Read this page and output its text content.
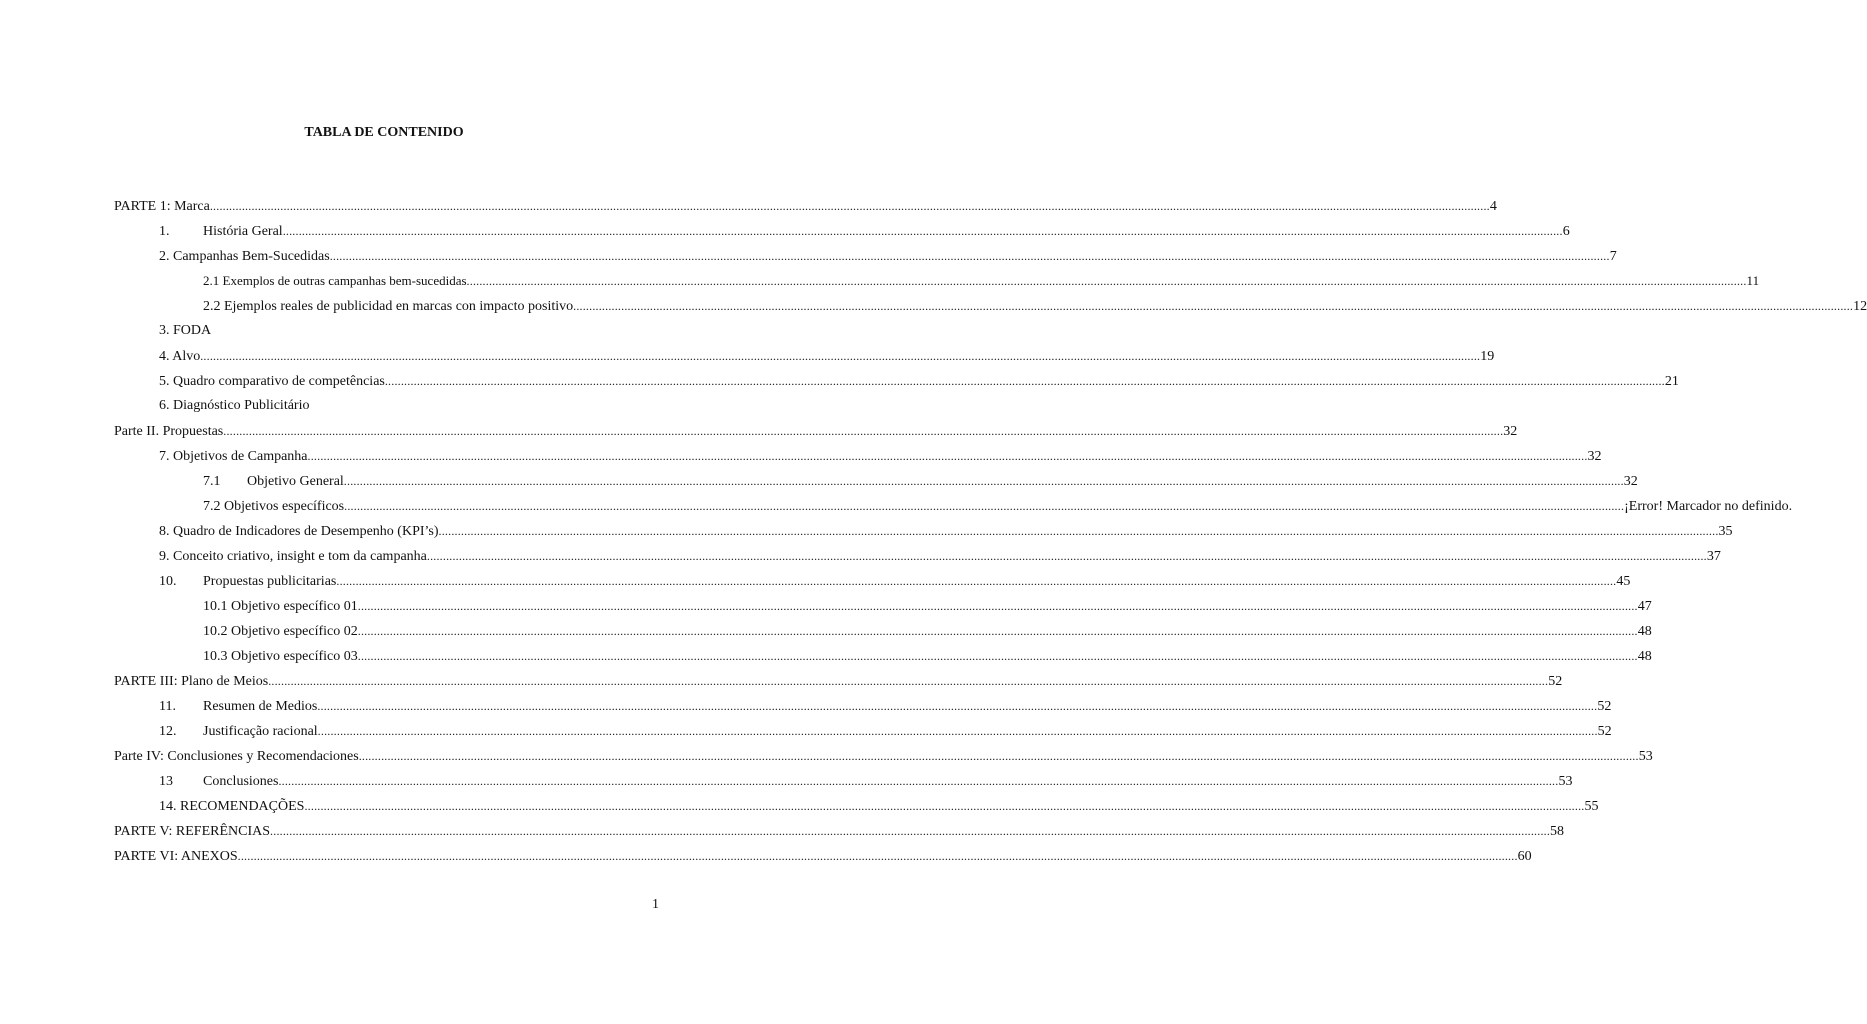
TABLA DE CONTENIDO
PARTE 1: Marca ................................................................................................................................................................................................................................................................................................................................................................................................................ 4
1. História Geral ................................................................................................................................................................................................................................................................................................................................................................................................................ 6
2. Campanhas Bem-Sucedidas ................................................................................................................................................................................................................................................................................................................................................................................................................ 7
2.1 Exemplos de outras campanhas bem-sucedidas ................................................................................................................................................................................................................................................................................................................................................................................................................ 11
2.2 Ejemplos reales de publicidad en marcas con impacto positivo ................................................................................................................................................................................................................................................................................................................................................................................................................ 12
3. FODA
4. Alvo ................................................................................................................................................................................................................................................................................................................................................................................................................ 19
5. Quadro comparativo de competências ................................................................................................................................................................................................................................................................................................................................................................................................................ 21
6. Diagnóstico Publicitário
Parte II. Propuestas ................................................................................................................................................................................................................................................................................................................................................................................................................ 32
7. Objetivos de Campanha ................................................................................................................................................................................................................................................................................................................................................................................................................ 32
7.1 Objetivo General ................................................................................................................................................................................................................................................................................................................................................................................................................ 32
7.2 Objetivos específicos ................................................................................................................................................................................................................................................................................................................................................................................................................ ¡Error! Marcador no definido.
8. Quadro de Indicadores de Desempenho (KPI’s) ................................................................................................................................................................................................................................................................................................................................................................................................................ 35
9. Conceito criativo, insight e tom da campanha ................................................................................................................................................................................................................................................................................................................................................................................................................ 37
10. Propuestas publicitarias ................................................................................................................................................................................................................................................................................................................................................................................................................ 45
10.1 Objetivo específico 01 ................................................................................................................................................................................................................................................................................................................................................................................................................ 47
10.2 Objetivo específico 02 ................................................................................................................................................................................................................................................................................................................................................................................................................ 48
10.3 Objetivo específico 03 ................................................................................................................................................................................................................................................................................................................................................................................................................ 48
PARTE III: Plano de Meios ................................................................................................................................................................................................................................................................................................................................................................................................................ 52
11. Resumen de Medios ................................................................................................................................................................................................................................................................................................................................................................................................................ 52
12. Justificação racional ................................................................................................................................................................................................................................................................................................................................................................................................................ 52
Parte IV: Conclusiones y Recomendaciones ................................................................................................................................................................................................................................................................................................................................................................................................................ 53
13 Conclusiones ................................................................................................................................................................................................................................................................................................................................................................................................................ 53
14. RECOMENDAÇÕES ................................................................................................................................................................................................................................................................................................................................................................................................................ 55
PARTE V: REFERÊNCIAS ................................................................................................................................................................................................................................................................................................................................................................................................................ 58
PARTE VI: ANEXOS ................................................................................................................................................................................................................................................................................................................................................................................................................ 60
1
